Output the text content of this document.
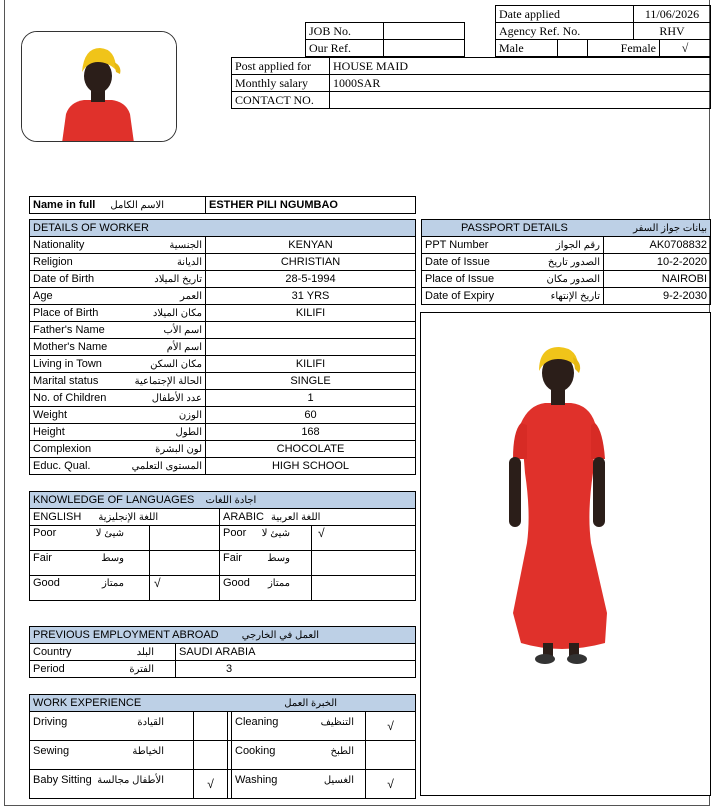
Date applied	11/06/2026
Agency Ref. No.	RHV
Male		Female	√
JOB No.	
Our Ref.	
Post applied for	HOUSE MAID
Monthly salary	1000SAR
CONTACT NO.	
Name in full الاسم الكامل	ESTHER PILI NGUMBAO
DETAILS OF WORKER	

Nationality الجنسية	KENYAN

Religion الديانة	CHRISTIAN

Date of Birth تاريخ الميلاد	28-5-1994

Age العمر	31 YRS

Place of Birth مكان الميلاد	KILIFI

Father's Name اسم الأب	

Mother's Name اسم الأم	

Living in Town مكان السكن	KILIFI

Marital status الحالة الإجتماعية	SINGLE

No. of Children عدد الأطفال	1

Weight الوزن	60

Height الطول	168

Complexion لون البشرة	CHOCOLATE

Educ. Qual. المستوى التعلمي	HIGH SCHOOL
PASSPORT DETAILS بيانات جواز السفر	

PPT Number رقم الجواز	AK0708832

Date of Issue الصدور تاريخ	10-2-2020

Place of Issue الصدور مكان	NAIROBI

Date of Expiry تاريخ الإنتهاء	9-2-2030
KNOWLEDGE OF LANGUAGES اجادة اللغات			
ENGLISH اللغة الإنجليزية		ARABIC اللغة العربية	

Poor شيئ لا		Poor شيئ لا	√

Fair وسط		Fair وسط	

Good ممتاز	√	Good ممتاز	

PREVIOUS EMPLOYMENT ABROAD العمل في الخارجي	

Country البلد	SAUDI ARABIA

Period الفترة	3
WORK EXPERIENCE الخبرة العمل				

Driving القيادة			Cleaning التنظيف	√

Sewing الخياطة			Cooking الطبخ	

Baby Sitting الأطفال مجالسة	√		Washing الغسيل	√
